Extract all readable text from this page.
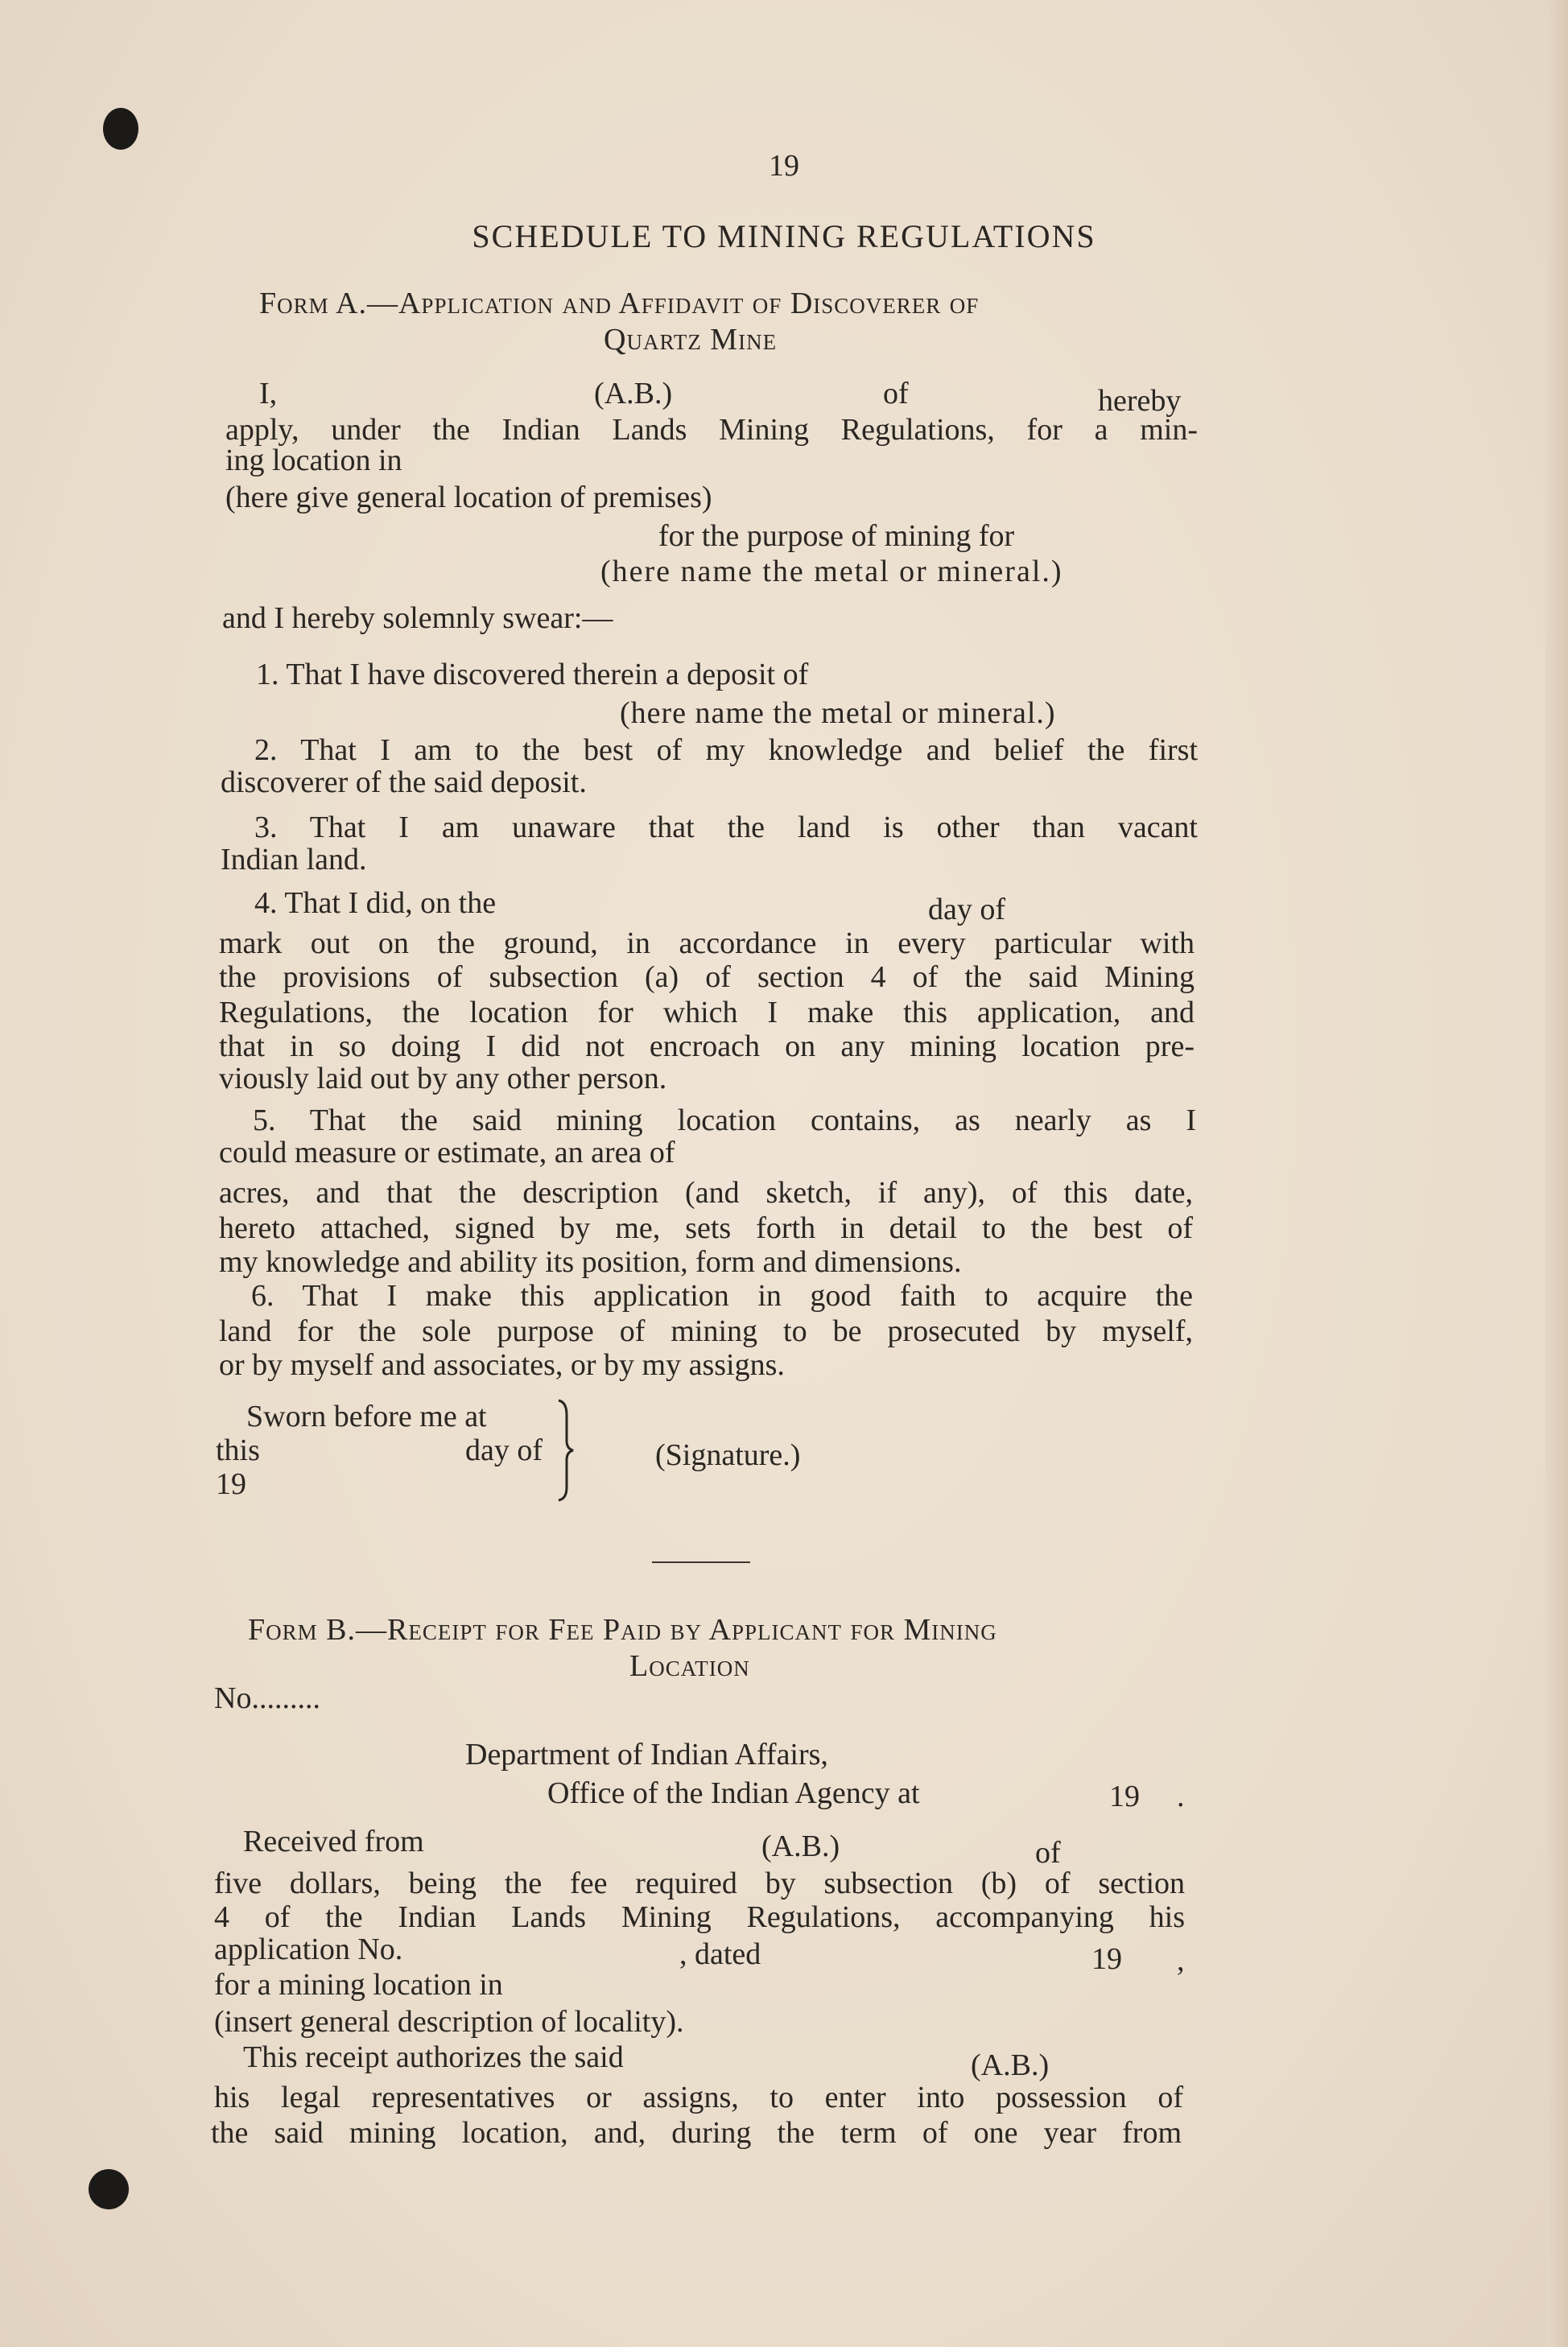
19
SCHEDULE TO MINING REGULATIONS
Form A.—Application and Affidavit of Discoverer of
Quartz Mine
I,	(A.B.)	of	hereby
apply, under the Indian Lands Mining Regulations, for a min-
ing location in
(here give general location of premises)
for the purpose of mining for
(here name the metal or mineral.)
and I hereby solemnly swear:—
1. That I have discovered therein a deposit of
(here name the metal or mineral.)
2. That I am to the best of my knowledge and belief the first
discoverer of the said deposit.
3. That I am unaware that the land is other than vacant
Indian land.
4. That I did, on the	day of
mark out on the ground, in accordance in every particular with
the provisions of subsection (a) of section 4 of the said Mining
Regulations, the location for which I make this application, and
that in so doing I did not encroach on any mining location pre-
viously laid out by any other person.
5. That the said mining location contains, as nearly as I
could measure or estimate, an area of
acres, and that the description (and sketch, if any), of this date,
hereto attached, signed by me, sets forth in detail to the best of
my knowledge and ability its position, form and dimensions.
6. That I make this application in good faith to acquire the
land for the sole purpose of mining to be prosecuted by myself,
or by myself and associates, or by my assigns.
Sworn before me at
this	day of
19
(Signature.)
Form B.—Receipt for Fee Paid by Applicant for Mining
Location
No.........
Department of Indian Affairs,
Office of the Indian Agency at	19 .
Received from	(A.B.)	of
five dollars, being the fee required by subsection (b) of section
4 of the Indian Lands Mining Regulations, accompanying his
application No.	, dated	19 ,
for a mining location in
(insert general description of locality).
This receipt authorizes the said	(A.B.)
his legal representatives or assigns, to enter into possession of
the said mining location, and, during the term of one year from
